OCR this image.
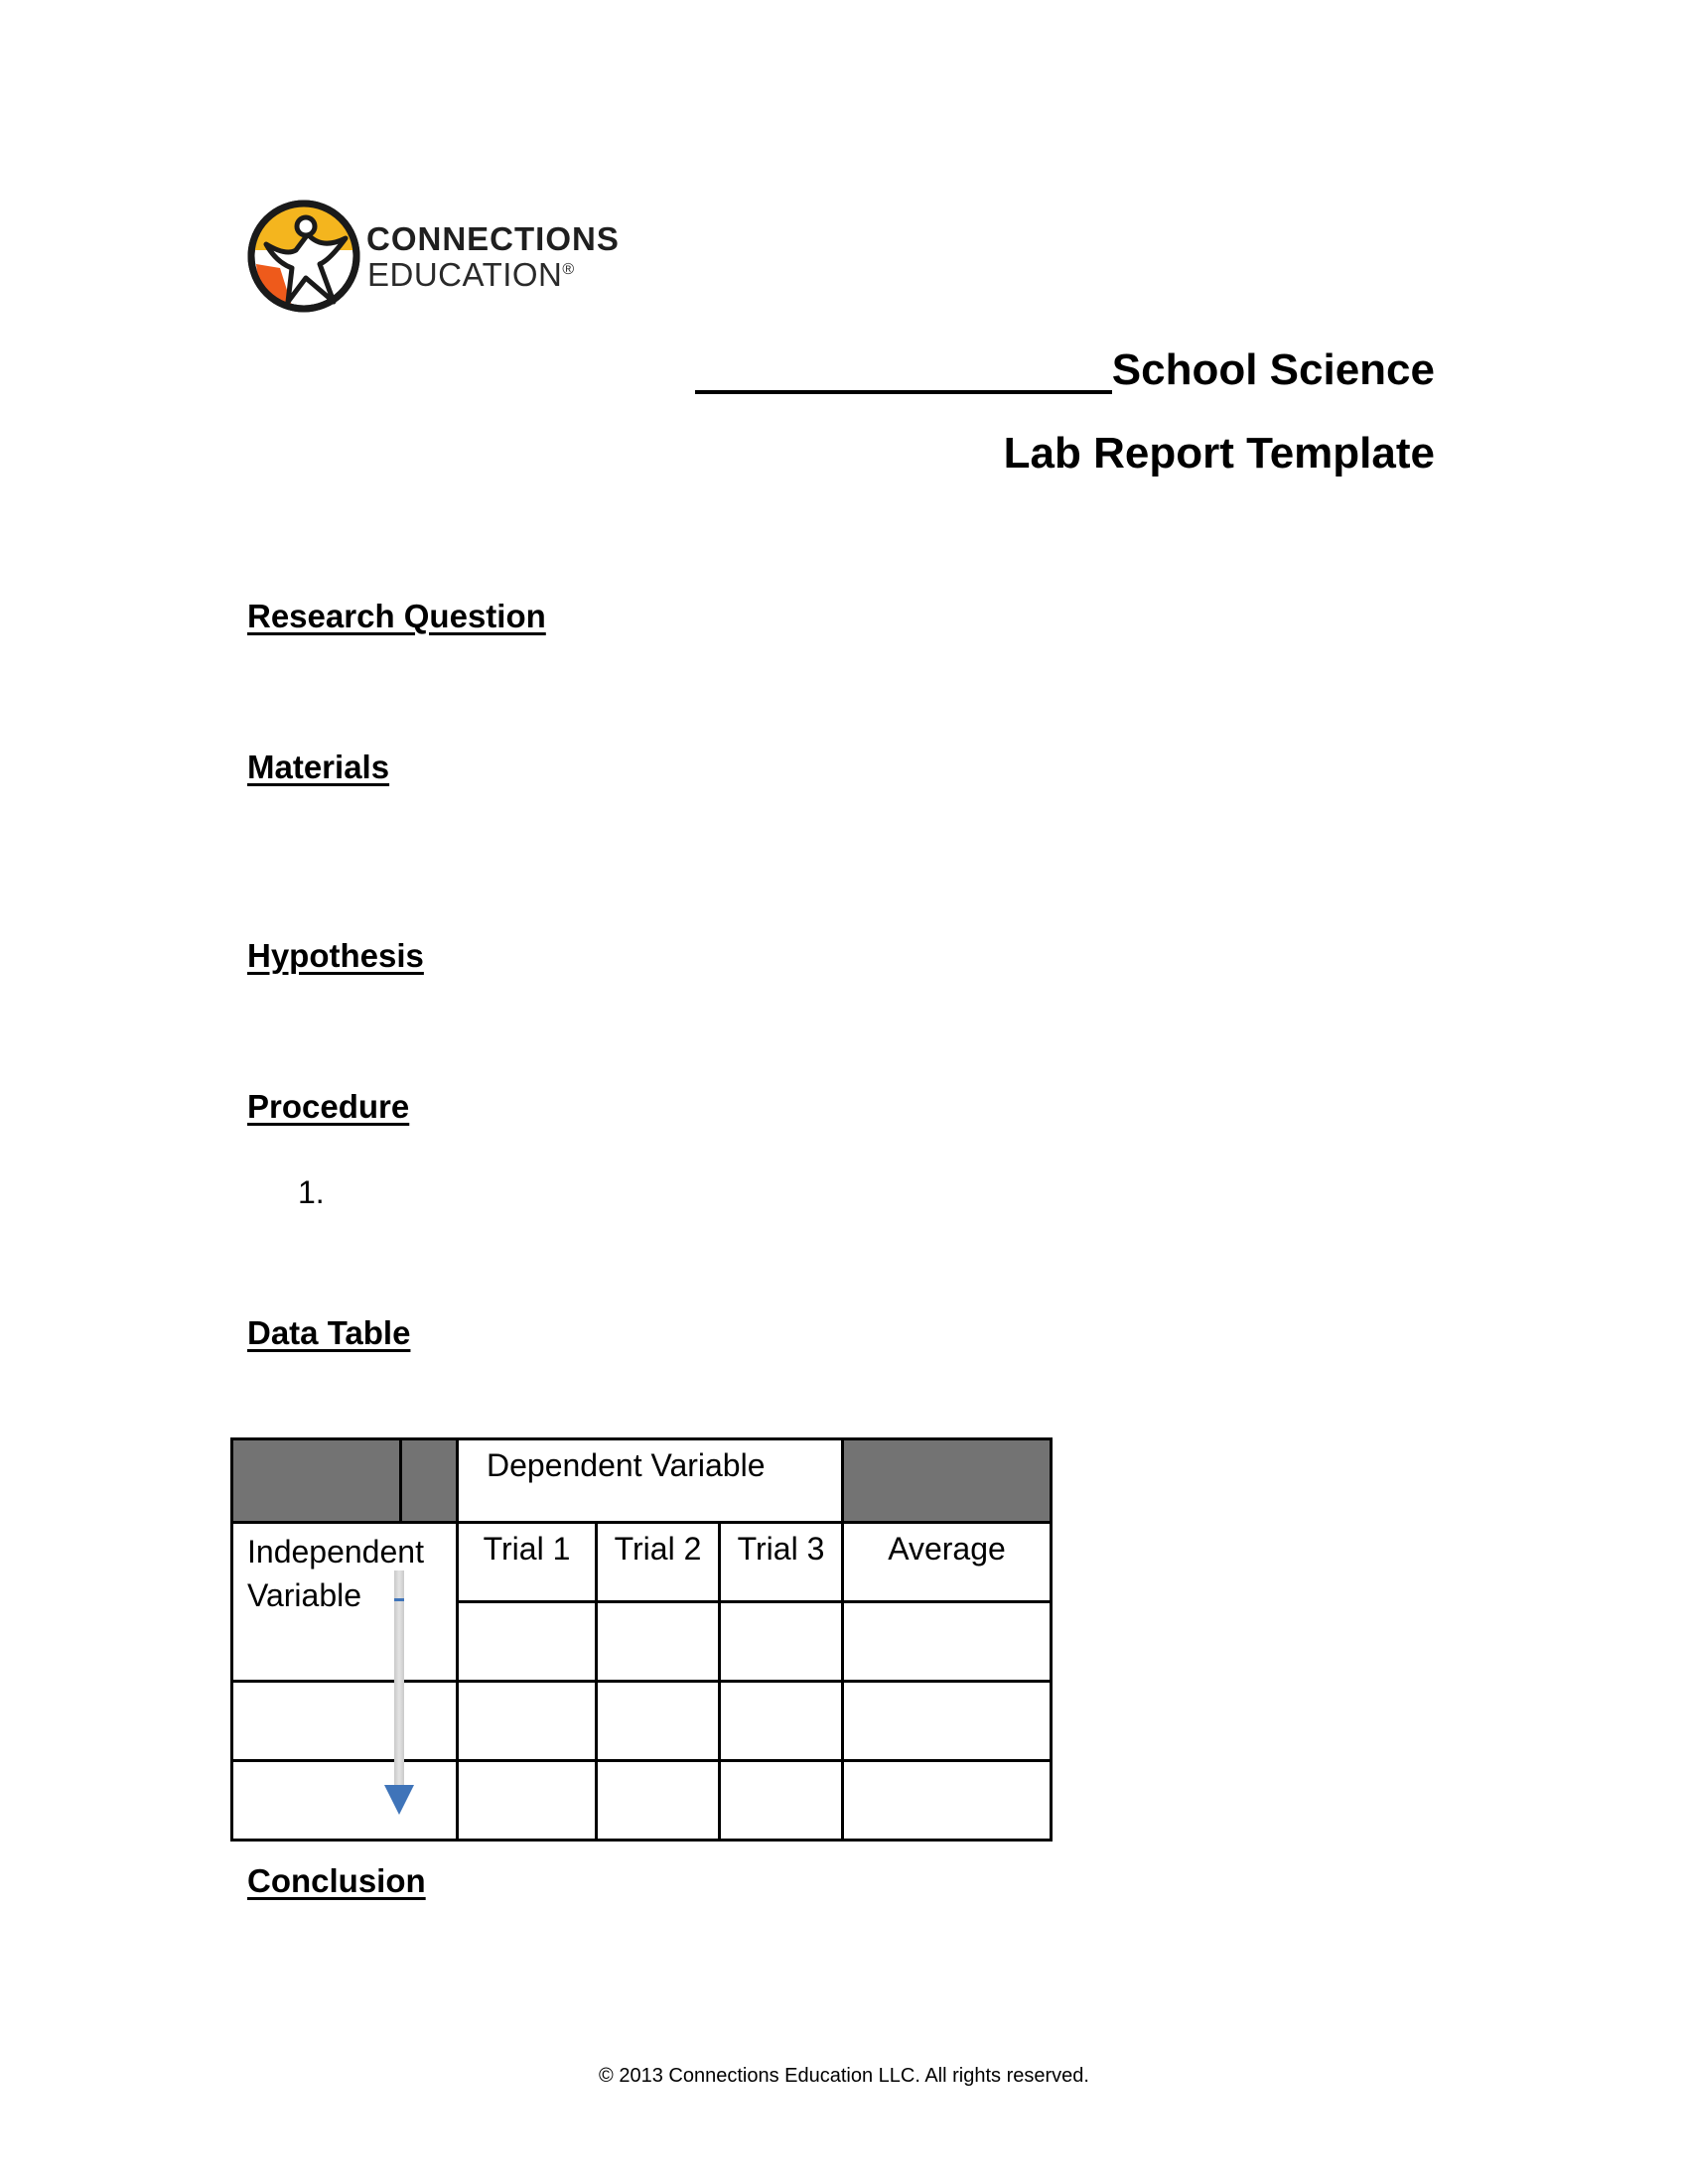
CONNECTIONS
EDUCATION®
School Science
Lab Report Template
Research Question
Materials
Hypothesis
Procedure
1.
Data Table

		Dependent Variable			

Independent Variable		Trial 1	Trial 2	Trial 3	Average

Conclusion
© 2013 Connections Education LLC. All rights reserved.
